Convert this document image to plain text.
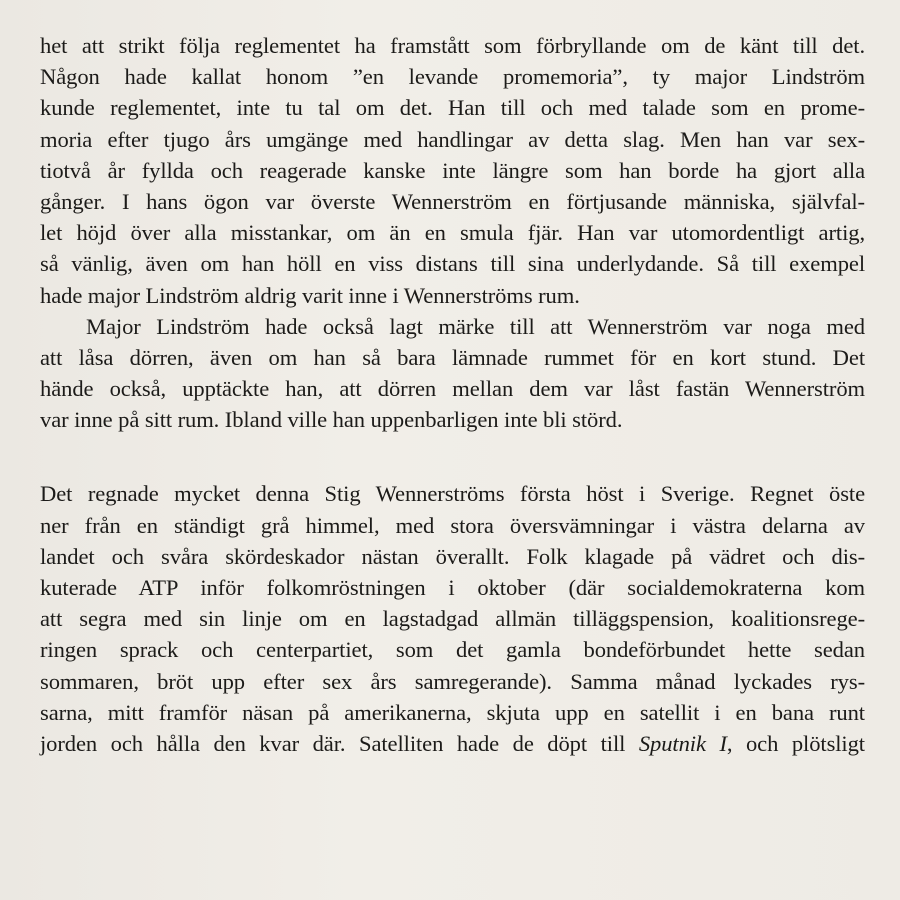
het att strikt följa reglementet ha framstått som förbryllande om de känt till det.
Någon hade kallat honom ”en levande promemoria”, ty major Lindström
kunde reglementet, inte tu tal om det. Han till och med talade som en prome-
moria efter tjugo års umgänge med handlingar av detta slag. Men han var sex-
tiotvå år fyllda och reagerade kanske inte längre som han borde ha gjort alla
gånger. I hans ögon var överste Wennerström en förtjusande människa, självfal-
let höjd över alla misstankar, om än en smula fjär. Han var utomordentligt artig,
så vänlig, även om han höll en viss distans till sina underlydande. Så till exempel
hade major Lindström aldrig varit inne i Wennerströms rum.
Major Lindström hade också lagt märke till att Wennerström var noga med
att låsa dörren, även om han så bara lämnade rummet för en kort stund. Det
hände också, upptäckte han, att dörren mellan dem var låst fastän Wennerström
var inne på sitt rum. Ibland ville han uppenbarligen inte bli störd.
Det regnade mycket denna Stig Wennerströms första höst i Sverige. Regnet öste
ner från en ständigt grå himmel, med stora översvämningar i västra delarna av
landet och svåra skördeskador nästan överallt. Folk klagade på vädret och dis-
kuterade ATP inför folkomröstningen i oktober (där socialdemokraterna kom
att segra med sin linje om en lagstadgad allmän tilläggspension, koalitionsrege-
ringen sprack och centerpartiet, som det gamla bondeförbundet hette sedan
sommaren, bröt upp efter sex års samregerande). Samma månad lyckades rys-
sarna, mitt framför näsan på amerikanerna, skjuta upp en satellit i en bana runt
jorden och hålla den kvar där. Satelliten hade de döpt till Sputnik I, och plötsligt
